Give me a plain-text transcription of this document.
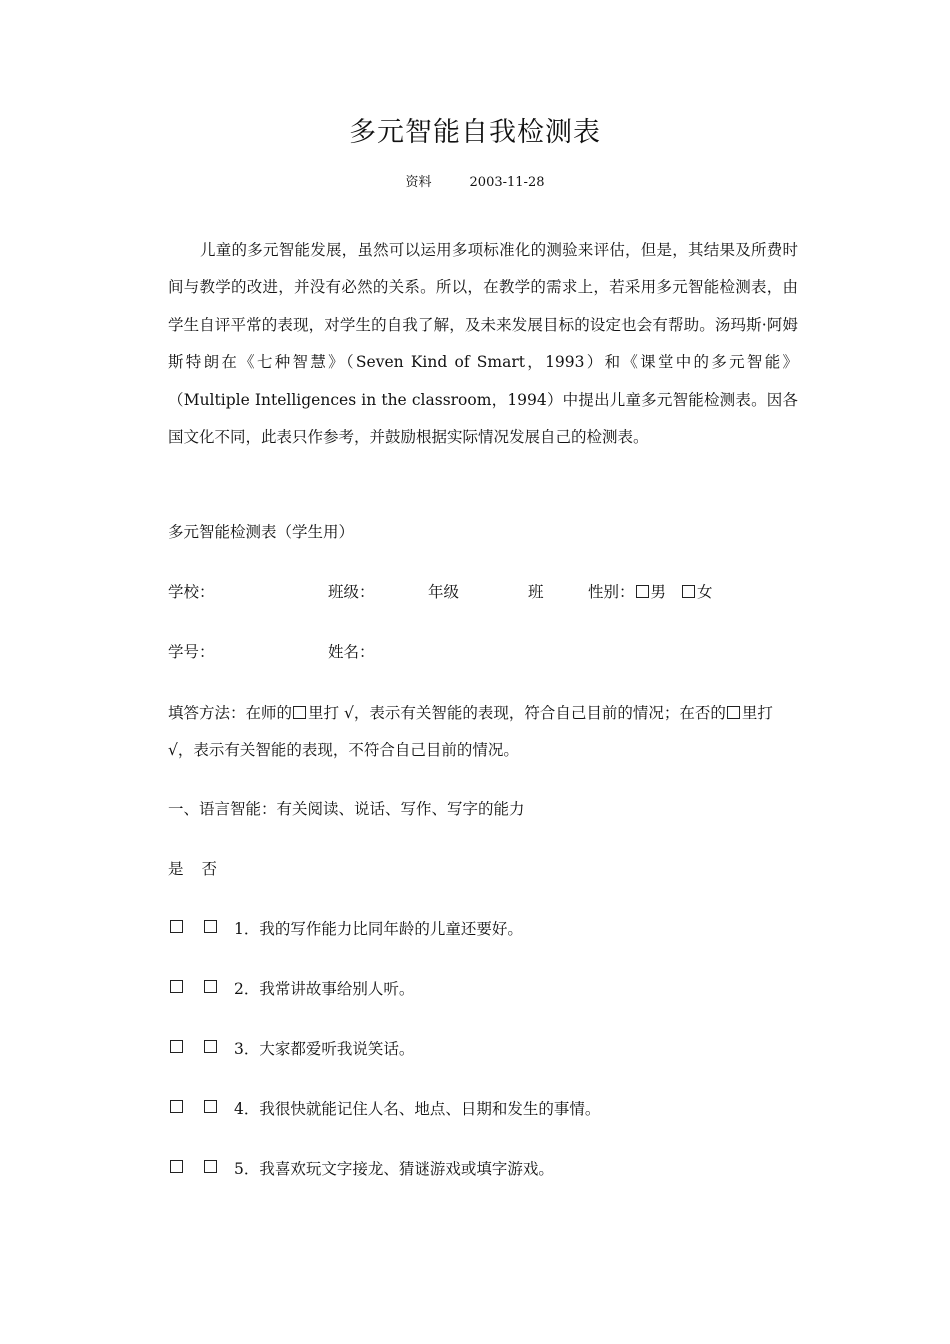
多元智能自我检测表
资料	2003-11-28

儿童的多元智能发展，虽然可以运用多项标准化的测验来评估，但是，其结果及所费时间与教学的改进，并没有必然的关系。所以，在教学的需求上，若采用多元智能检测表，由学生自评平常的表现，对学生的自我了解，及未来发展目标的设定也会有帮助。汤玛斯·阿姆斯特朗在《七种智慧》（Seven Kind of Smart，1993）和《课堂中的多元智能》（Multiple Intelligences in the classroom，1994）中提出儿童多元智能检测表。因各国文化不同，此表只作参考，并鼓励根据实际情况发展自己的检测表。

多元智能检测表（学生用）
学校：	班级：	年级	班	性别： 男 女
学号：	姓名：

填答方法：在师的 里打 √，表示有关智能的表现，符合自己目前的情况；在否的 里打 √，表示有关智能的表现，不符合自己目前的情况。

一、语言智能：有关阅读、说话、写作、写字的能力
是 否
1．我的写作能力比同年龄的儿童还要好。
2．我常讲故事给别人听。
3．大家都爱听我说笑话。
4．我很快就能记住人名、地点、日期和发生的事情。
5．我喜欢玩文字接龙、猜谜游戏或填字游戏。
